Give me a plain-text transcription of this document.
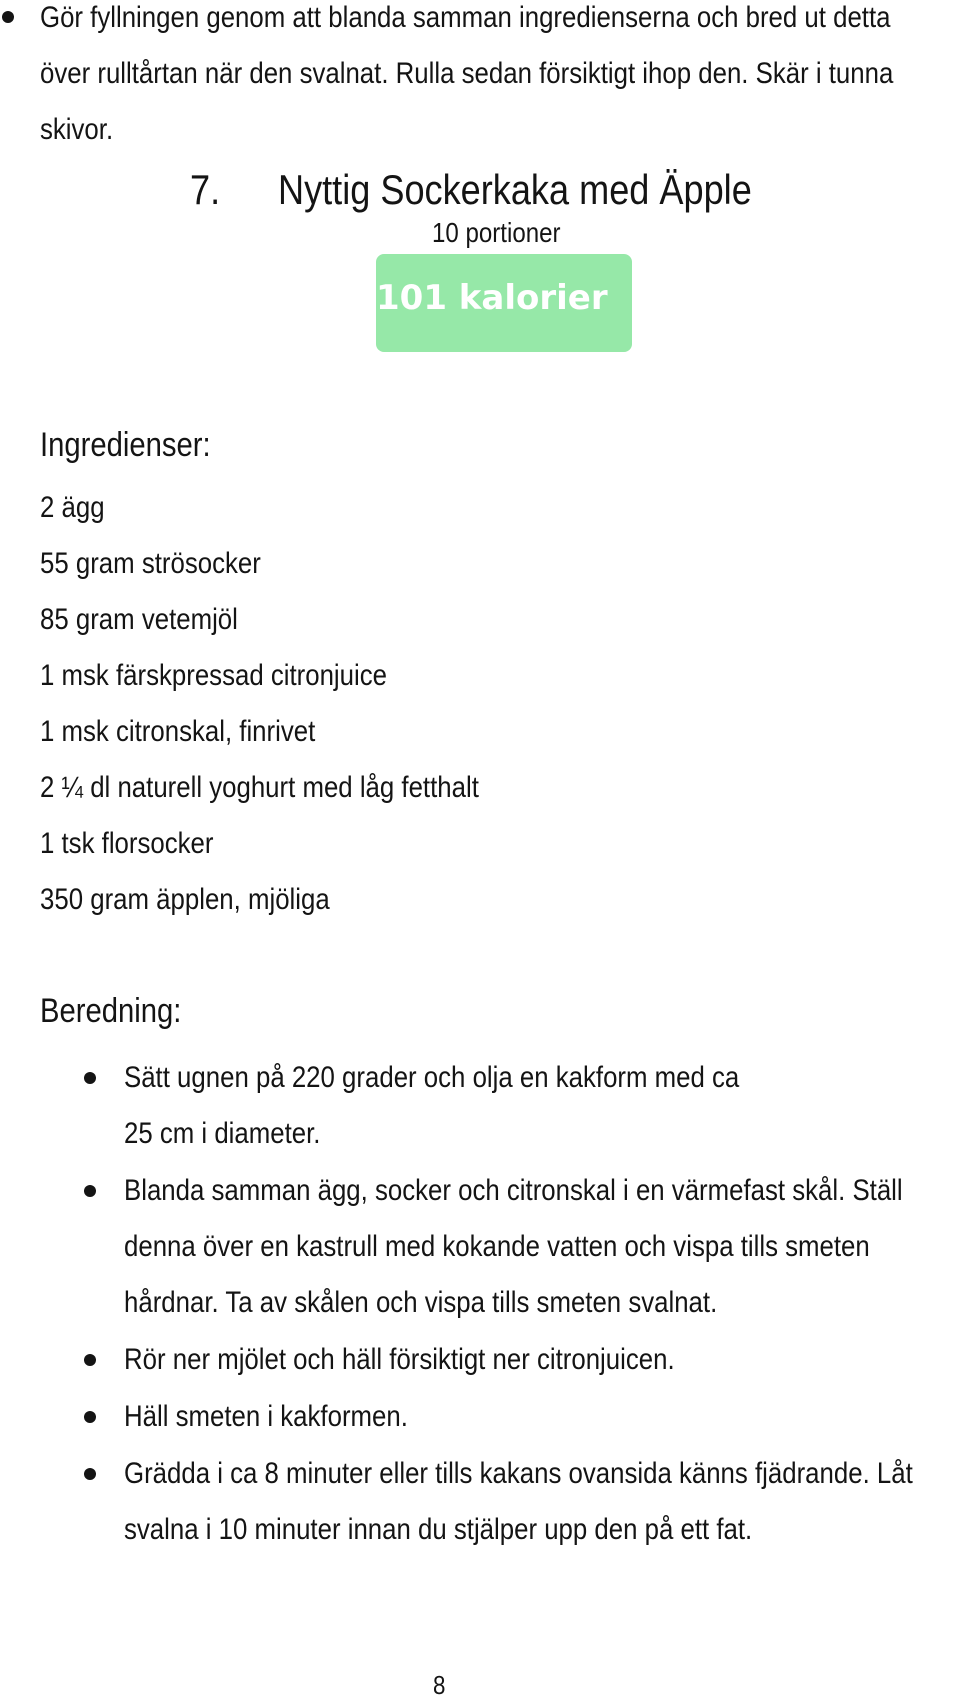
Gör fyllningen genom att blanda samman ingredienserna och bred ut detta
över rulltårtan när den svalnat. Rulla sedan försiktigt ihop den. Skär i tunna
skivor.
7. Nyttig Sockerkaka med Äpple
10 portioner
101 kalorier
Ingredienser:
2 ägg
55 gram strösocker
85 gram vetemjöl
1 msk färskpressad citronjuice
1 msk citronskal, finrivet
2 ¼ dl naturell yoghurt med låg fetthalt
1 tsk florsocker
350 gram äpplen, mjöliga
Beredning:
Sätt ugnen på 220 grader och olja en kakform med ca
25 cm i diameter.
Blanda samman ägg, socker och citronskal i en värmefast skål. Ställ
denna över en kastrull med kokande vatten och vispa tills smeten
hårdnar. Ta av skålen och vispa tills smeten svalnat.
Rör ner mjölet och häll försiktigt ner citronjuicen.
Häll smeten i kakformen.
Grädda i ca 8 minuter eller tills kakans ovansida känns fjädrande. Låt
svalna i 10 minuter innan du stjälper upp den på ett fat.
8
